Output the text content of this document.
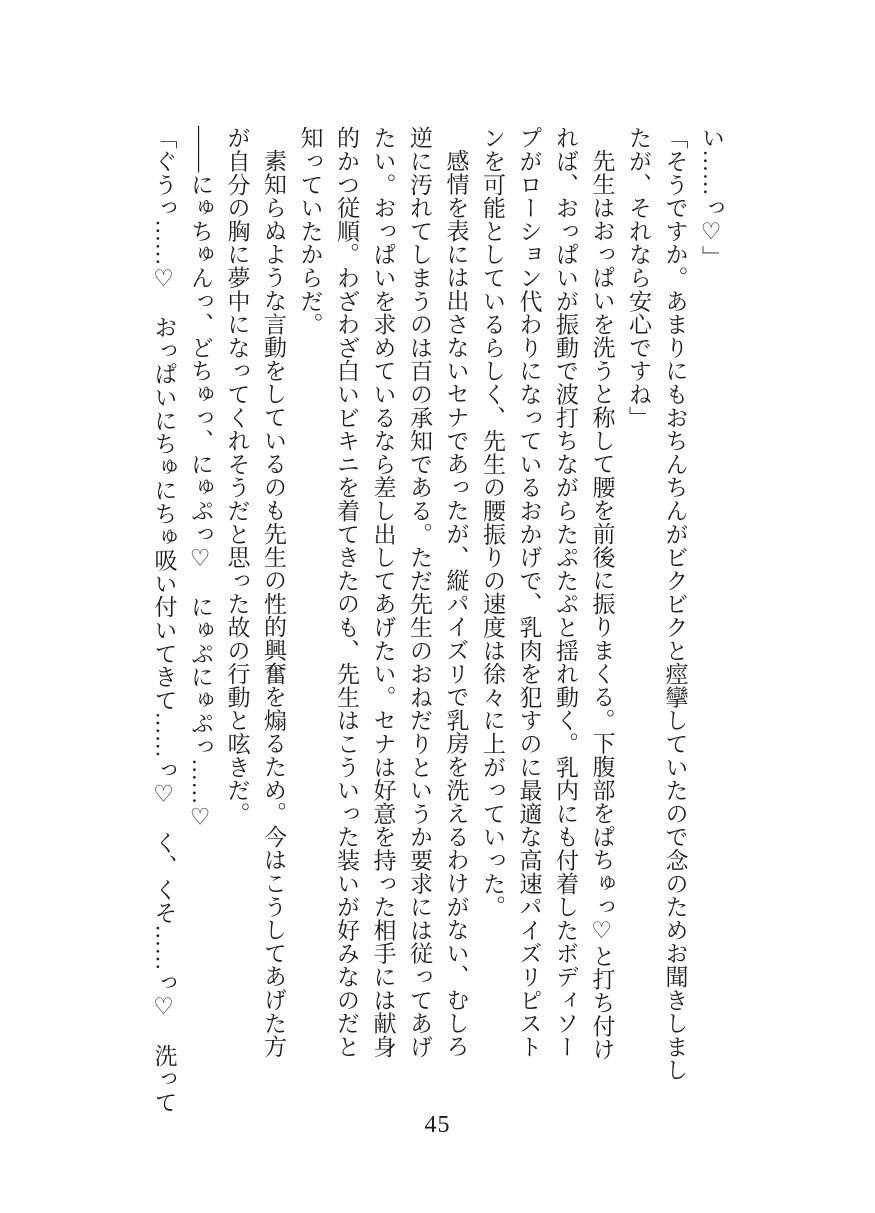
い……っ♡」
「そうですか。あまりにもおちんちんがビクビクと痙攣していたので念のためお聞きしまし
たが、それなら安心ですね」
先生はおっぱいを洗うと称して腰を前後に振りまくる。下腹部をぱちゅっ♡と打ち付け
れば、おっぱいが振動で波打ちながらたぷたぷと揺れ動く。乳内にも付着したボディソー
プがローション代わりになっているおかげで、乳肉を犯すのに最適な高速パイズリピスト
ンを可能としているらしく、先生の腰振りの速度は徐々に上がっていった。
感情を表には出さないセナであったが、縦パイズリで乳房を洗えるわけがない、むしろ
逆に汚れてしまうのは百の承知である。ただ先生のおねだりというか要求には従ってあげ
たい。おっぱいを求めているなら差し出してあげたい。セナは好意を持った相手には献身
的かつ従順。わざわざ白いビキニを着てきたのも、先生はこういった装いが好みなのだと
知っていたからだ。
素知らぬような言動をしているのも先生の性的興奮を煽るため。今はこうしてあげた方
が自分の胸に夢中になってくれそうだと思った故の行動と呟きだ。
――にゅちゅんっ、どちゅっ、にゅぷっ♡　にゅぷにゅぷっ……♡
「ぐうっ……♡　おっぱいにちゅにちゅ吸い付いてきて……っ♡　く、くそ……っ♡　洗って
45
